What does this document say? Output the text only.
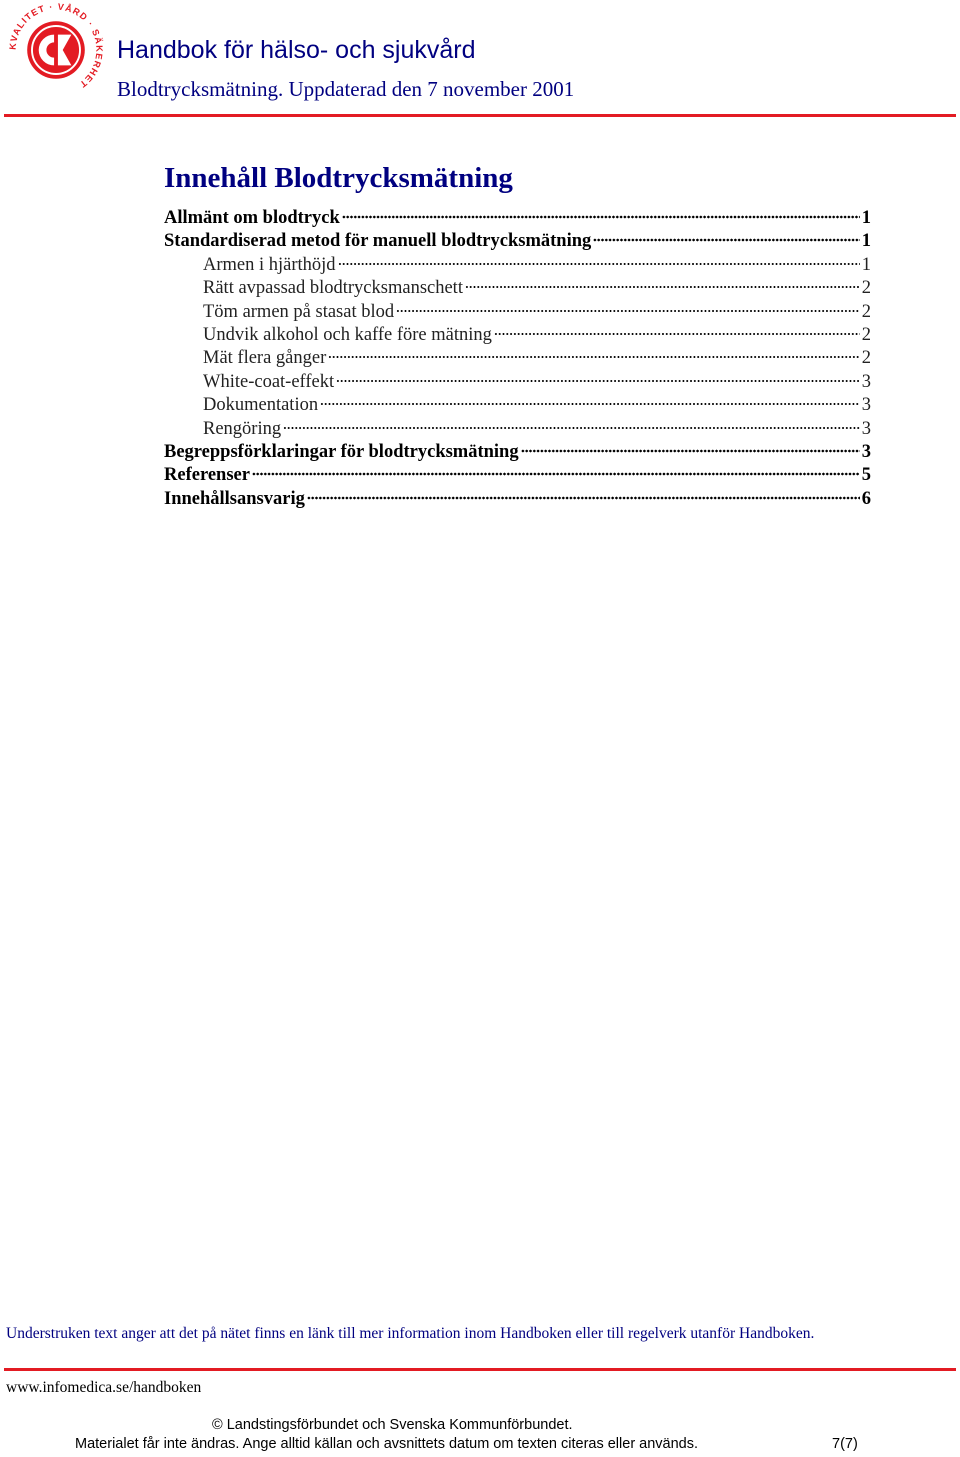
KVALITET · VÅRD · SÄKERHET
Handbok för hälso- och sjukvård
Blodtrycksmätning. Uppdaterad den 7 november 2001
Innehåll Blodtrycksmätning
Allmänt om blodtryck	1
Standardiserad metod för manuell blodtrycksmätning	1
Armen i hjärthöjd	1
Rätt avpassad blodtrycksmanschett	2
Töm armen på stasat blod	2
Undvik alkohol och kaffe före mätning	2
Mät flera gånger	2
White-coat-effekt	3
Dokumentation	3
Rengöring	3
Begreppsförklaringar för blodtrycksmätning	3
Referenser	5
Innehållsansvarig	6
Understruken text anger att det på nätet finns en länk till mer information inom Handboken eller till regelverk utanför Handboken.
www.infomedica.se/handboken
© Landstingsförbundet och Svenska Kommunförbundet.
Materialet får inte ändras. Ange alltid källan och avsnittets datum om texten citeras eller används.	7(7)
